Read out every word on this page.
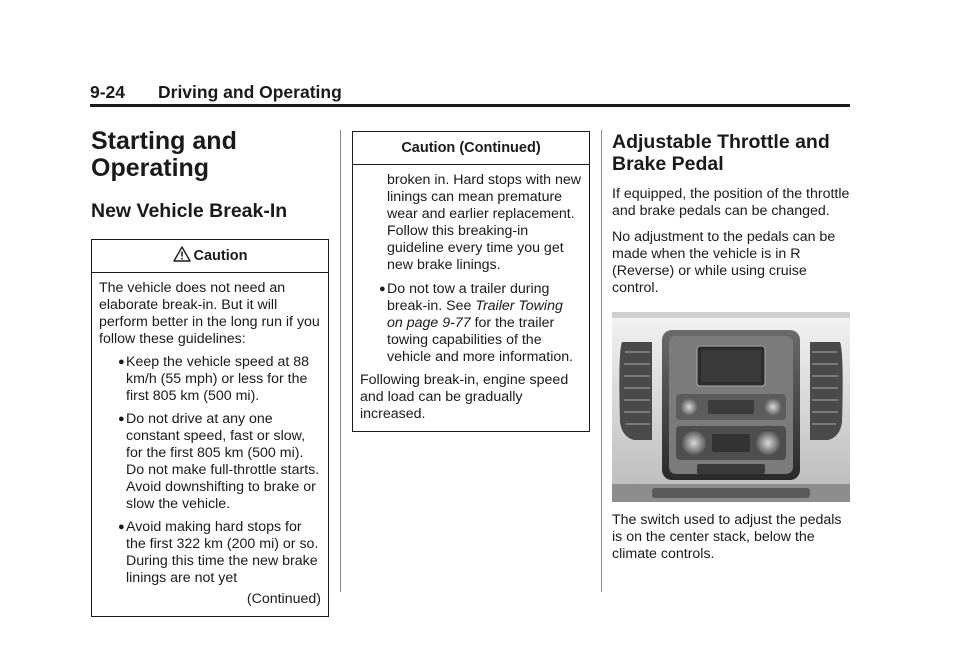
9-24 Driving and Operating
Starting and Operating
New Vehicle Break-In
Caution

The vehicle does not need an elaborate break-in. But it will perform better in the long run if you follow these guidelines:

● Keep the vehicle speed at 88 km/h (55 mph) or less for the first 805 km (500 mi).
● Do not drive at any one constant speed, fast or slow, for the first 805 km (500 mi). Do not make full-throttle starts. Avoid downshifting to brake or slow the vehicle.
● Avoid making hard stops for the first 322 km (200 mi) or so. During this time the new brake linings are not yet
(Continued)
Caution (Continued)

broken in. Hard stops with new linings can mean premature wear and earlier replacement. Follow this breaking-in guideline every time you get new brake linings.

● Do not tow a trailer during break-in. See Trailer Towing on page 9-77 for the trailer towing capabilities of the vehicle and more information.

Following break-in, engine speed and load can be gradually increased.

Adjustable Throttle and Brake Pedal

If equipped, the position of the throttle and brake pedals can be changed.

No adjustment to the pedals can be made when the vehicle is in R (Reverse) or while using cruise control.

The switch used to adjust the pedals is on the center stack, below the climate controls.
